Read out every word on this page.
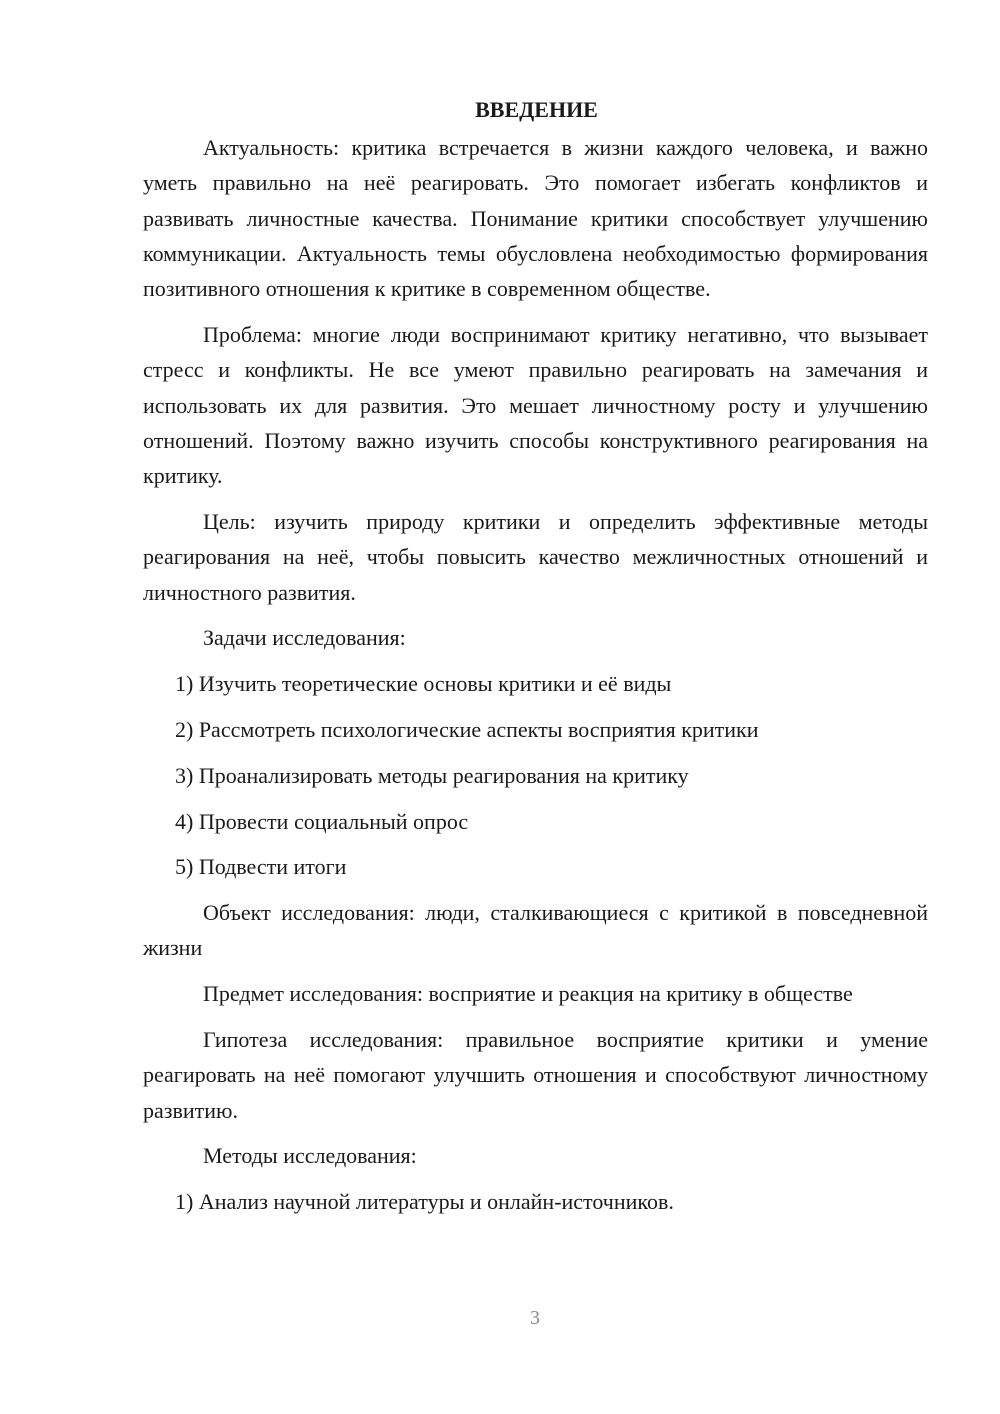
ВВЕДЕНИЕ

Актуальность: критика встречается в жизни каждого человека, и важно уметь правильно на неё реагировать. Это помогает избегать конфликтов и развивать личностные качества. Понимание критики способствует улучшению коммуникации. Актуальность темы обусловлена необходимостью формирования позитивного отношения к критике в современном обществе.

Проблема: многие люди воспринимают критику негативно, что вызывает стресс и конфликты. Не все умеют правильно реагировать на замечания и использовать их для развития. Это мешает личностному росту и улучшению отношений. Поэтому важно изучить способы конструктивного реагирования на критику.

Цель: изучить природу критики и определить эффективные методы реагирования на неё, чтобы повысить качество межличностных отношений и личностного развития.

Задачи исследования:

1) Изучить теоретические основы критики и её виды

2) Рассмотреть психологические аспекты восприятия критики

3) Проанализировать методы реагирования на критику

4) Провести социальный опрос

5) Подвести итоги

Объект исследования: люди, сталкивающиеся с критикой в повседневной жизни

Предмет исследования: восприятие и реакция на критику в обществе

Гипотеза исследования: правильное восприятие критики и умение реагировать на неё помогают улучшить отношения и способствуют личностному развитию.

Методы исследования:

1) Анализ научной литературы и онлайн-источников.

3
